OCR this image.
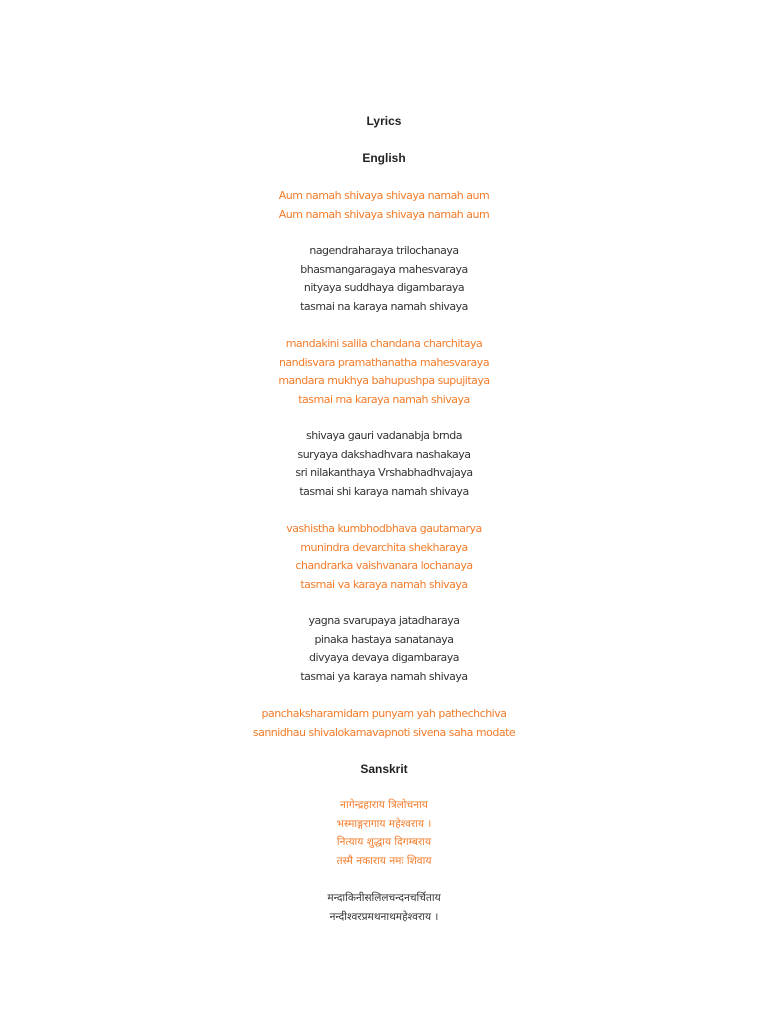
Lyrics
English
Aum namah shivaya shivaya namah aum
Aum namah shivaya shivaya namah aum
nagendraharaya trilochanaya
bhasmangaragaya mahesvaraya
nityaya suddhaya digambaraya
tasmai na karaya namah shivaya
mandakini salila chandana charchitaya
nandisvara pramathanatha mahesvaraya
mandara mukhya bahupushpa supujitaya
tasmai ma karaya namah shivaya
shivaya gauri vadanabja brnda
suryaya dakshadhvara nashakaya
sri nilakanthaya Vrshabhadhvajaya
tasmai shi karaya namah shivaya
vashistha kumbhodbhava gautamarya
munindra devarchita shekharaya
chandrarka vaishvanara lochanaya
tasmai va karaya namah shivaya
yagna svarupaya jatadharaya
pinaka hastaya sanatanaya
divyaya devaya digambaraya
tasmai ya karaya namah shivaya
panchaksharamidam punyam yah pathechchiva
sannidhau shivalokamavapnoti sivena saha modate
Sanskrit
नागेन्द्रहाराय त्रिलोचनाय
भस्माङ्गरागाय महेश्वराय ।
नित्याय शुद्धाय दिगम्बराय
तस्मै नकाराय नमः शिवाय
मन्दाकिनीसलिलचन्दनचर्चिताय
नन्दीश्वरप्रमथनाथमहेश्वराय ।
